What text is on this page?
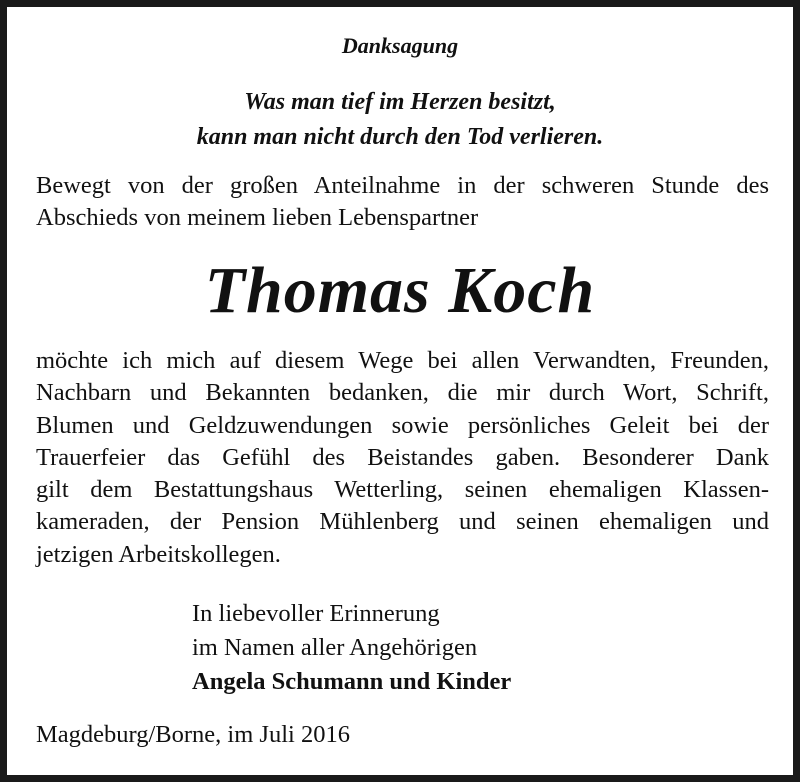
Danksagung
Was man tief im Herzen besitzt,
kann man nicht durch den Tod verlieren.
Bewegt von der großen Anteilnahme in der schweren Stunde des
Abschieds von meinem lieben Lebenspartner
Thomas Koch
möchte ich mich auf diesem Wege bei allen Verwandten, Freunden,
Nachbarn und Bekannten bedanken, die mir durch Wort, Schrift,
Blumen und Geldzuwendungen sowie persönliches Geleit bei der
Trauerfeier das Gefühl des Beistandes gaben. Besonderer Dank
gilt dem Bestattungshaus Wetterling, seinen ehemaligen Klassen-
kameraden, der Pension Mühlenberg und seinen ehemaligen und
jetzigen Arbeitskollegen.
In liebevoller Erinnerung
im Namen aller Angehörigen
Angela Schumann und Kinder
Magdeburg/Borne, im Juli 2016
